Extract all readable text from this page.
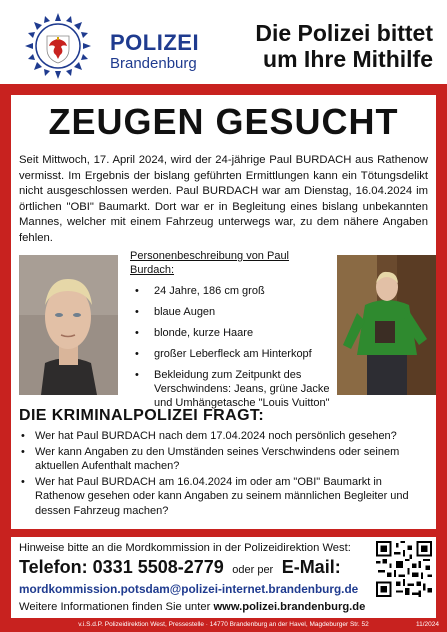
POLIZEI
Brandenburg
Die Polizei bittet
um Ihre Mithilfe
ZEUGEN GESUCHT

Seit Mittwoch, 17. April 2024, wird der 24-jährige Paul BURDACH aus Rathenow vermisst. Im Ergebnis der bislang geführten Ermittlungen kann ein Tötungsdelikt nicht ausgeschlossen werden. Paul BURDACH war am Dienstag, 16.04.2024 im örtlichen "OBI" Baumarkt. Dort war er in Begleitung eines bislang unbekannten Mannes, welcher mit einem Fahrzeug unterwegs war, zu dem nähere Angaben fehlen.

Personenbeschreibung von Paul Burdach:
• 24 Jahre, 186 cm groß
• blaue Augen
• blonde, kurze Haare
• großer Leberfleck am Hinterkopf
• Bekleidung zum Zeitpunkt des Verschwindens: Jeans, grüne Jacke und Umhängetasche "Louis Vuitton"
DIE KRIMINALPOLIZEI FRAGT:
• Wer hat Paul BURDACH nach dem 17.04.2024 noch persönlich gesehen?
• Wer kann Angaben zu den Umständen seines Verschwindens oder seinem aktuellen Aufenthalt machen?
• Wer hat Paul BURDACH am 16.04.2024 im oder am "OBI" Baumarkt in Rathenow gesehen oder kann Angaben zu seinem männlichen Begleiter und dessen Fahrzeug machen?
Hinweise bitte an die Mordkommission in der Polizeidirektion West:
Telefon: 0331 5508-2779 oder per E-Mail:
mordkommission.potsdam@polizei-internet.brandenburg.de
Weitere Informationen finden Sie unter www.polizei.brandenburg.de
v.i.S.d.P. Polizeidirektion West, Pressestelle · 14770 Brandenburg an der Havel, Magdeburger Str. 52	11/2024
